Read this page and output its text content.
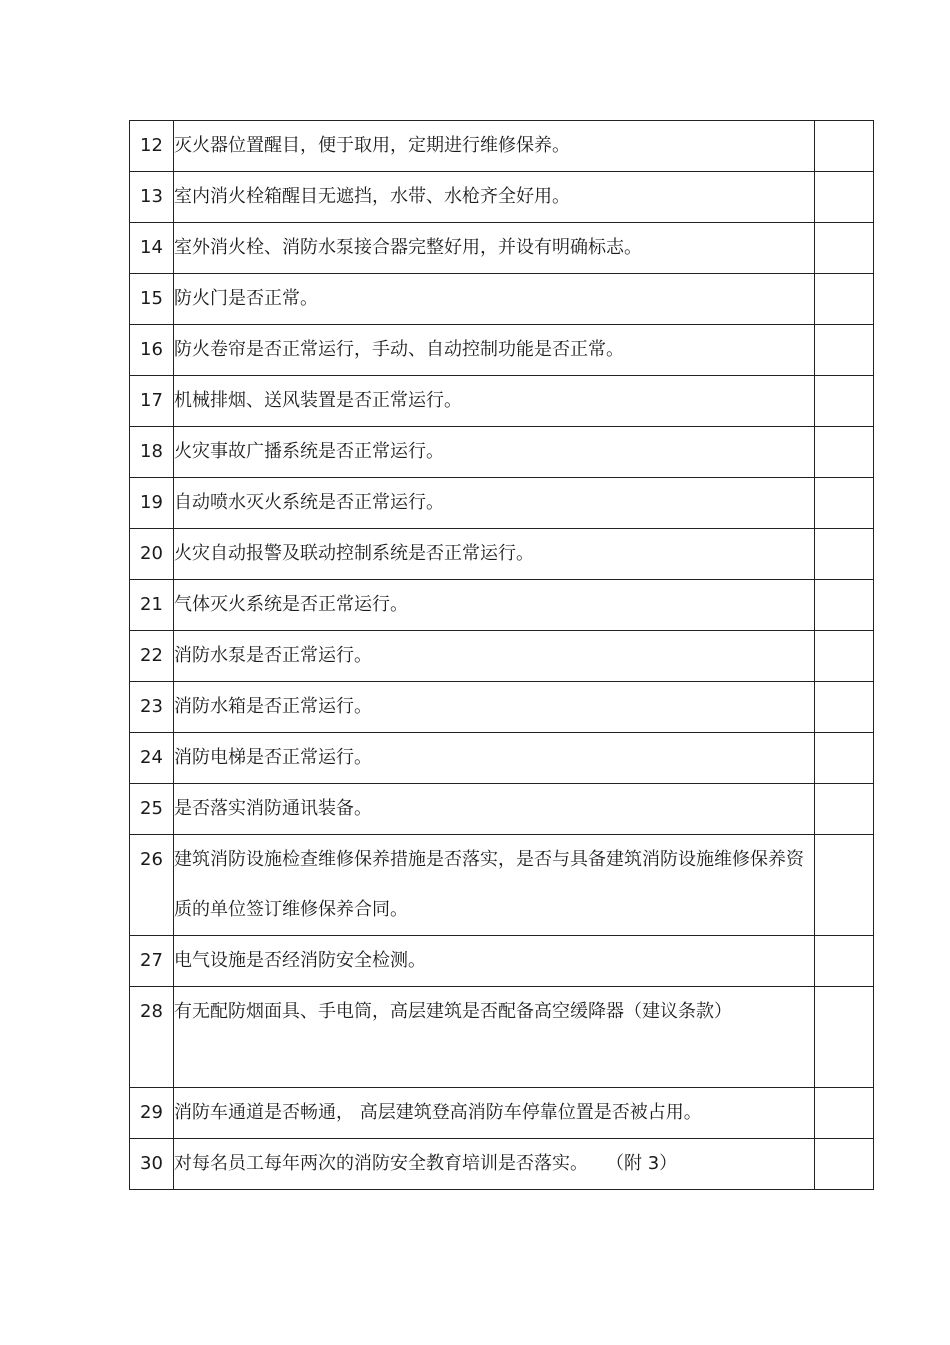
12	灭火器位置醒目，便于取用，定期进行维修保养。	
13	室内消火栓箱醒目无遮挡，水带、水枪齐全好用。	
14	室外消火栓、消防水泵接合器完整好用，并设有明确标志。	
15	防火门是否正常。	
16	防火卷帘是否正常运行，手动、自动控制功能是否正常。	
17	机械排烟、送风装置是否正常运行。	
18	火灾事故广播系统是否正常运行。	
19	自动喷水灭火系统是否正常运行。	
20	火灾自动报警及联动控制系统是否正常运行。	
21	气体灭火系统是否正常运行。	
22	消防水泵是否正常运行。	
23	消防水箱是否正常运行。	
24	消防电梯是否正常运行。	
25	是否落实消防通讯装备。	
26	建筑消防设施检查维修保养措施是否落实，是否与具备建筑消防设施维修保养资质的单位签订维修保养合同。	
27	电气设施是否经消防安全检测。	
28	有无配防烟面具、手电筒，高层建筑是否配备高空缓降器（建议条款）	
29	消防车通道是否畅通， 高层建筑登高消防车停靠位置是否被占用。	
30	对每名员工每年两次的消防安全教育培训是否落实。　　（附 3）	
